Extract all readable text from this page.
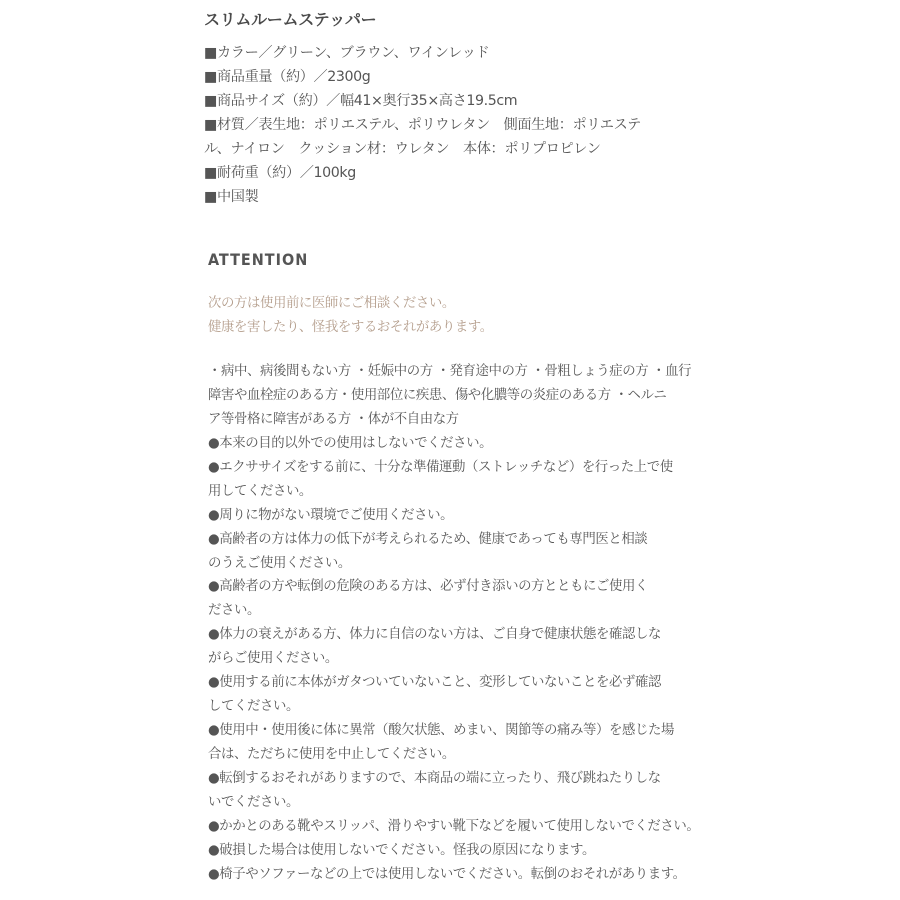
スリムルームステッパー
■カラー／グリーン、ブラウン、ワインレッド
■商品重量（約）／2300g
■商品サイズ（約）／幅41×奥行35×高さ19.5cm
■材質／表生地：ポリエステル、ポリウレタン　側面生地：ポリエステ
ル、ナイロン　クッション材：ウレタン　本体：ポリプロピレン
■耐荷重（約）／100kg
■中国製
ATTENTION
次の方は使用前に医師にご相談ください。
健康を害したり、怪我をするおそれがあります。
・病中、病後間もない方 ・妊娠中の方 ・発育途中の方 ・骨粗しょう症の方 ・血行
障害や血栓症のある方・使用部位に疾患、傷や化膿等の炎症のある方 ・ヘルニ
ア等骨格に障害がある方 ・体が不自由な方
●本来の目的以外での使用はしないでください。
●エクササイズをする前に、十分な準備運動（ストレッチなど）を行った上で使
用してください。
●周りに物がない環境でご使用ください。
●高齢者の方は体力の低下が考えられるため、健康であっても専門医と相談
のうえご使用ください。
●高齢者の方や転倒の危険のある方は、必ず付き添いの方とともにご使用く
ださい。
●体力の衰えがある方、体力に自信のない方は、ご自身で健康状態を確認しな
がらご使用ください。
●使用する前に本体がガタついていないこと、変形していないことを必ず確認
してください。
●使用中・使用後に体に異常（酸欠状態、めまい、関節等の痛み等）を感じた場
合は、ただちに使用を中止してください。
●転倒するおそれがありますので、本商品の端に立ったり、飛び跳ねたりしな
いでください。
●かかとのある靴やスリッパ、滑りやすい靴下などを履いて使用しないでください。
●破損した場合は使用しないでください。怪我の原因になります。
●椅子やソファーなどの上では使用しないでください。転倒のおそれがあります。
